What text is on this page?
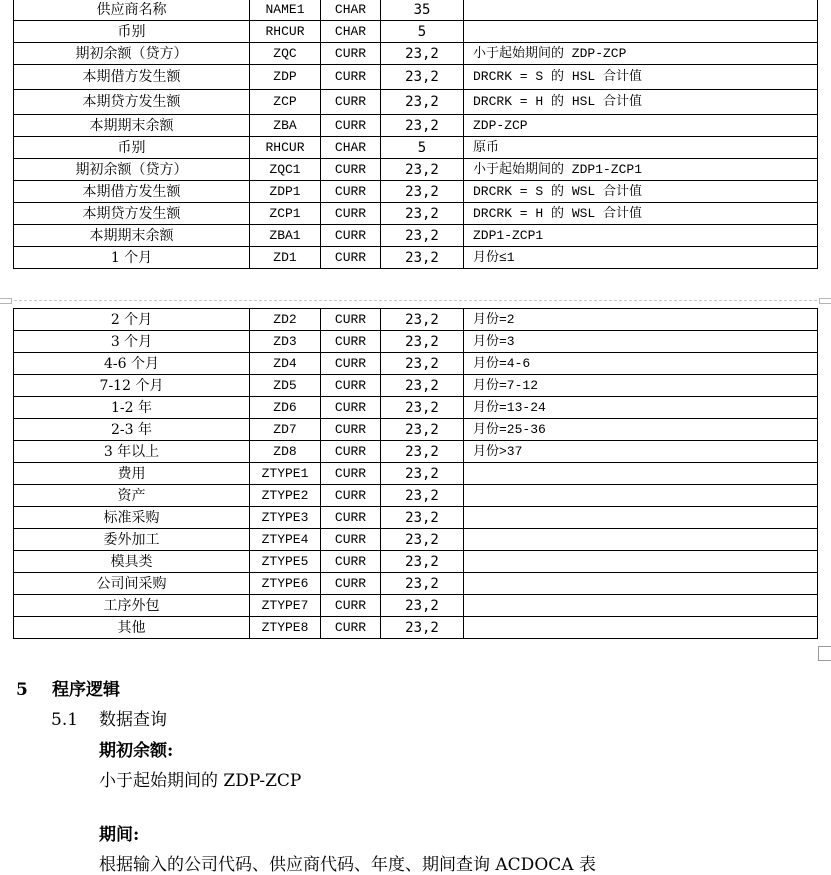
供应商名称	NAME1	CHAR	35	
币别	RHCUR	CHAR	5	
期初余额（贷方）	ZQC	CURR	23,2	小于起始期间的 ZDP-ZCP
本期借方发生额	ZDP	CURR	23,2	DRCRK = S 的 HSL 合计值
本期贷方发生额	ZCP	CURR	23,2	DRCRK = H 的 HSL 合计值
本期期末余额	ZBA	CURR	23,2	ZDP-ZCP
币别	RHCUR	CHAR	5	原币
期初余额（贷方）	ZQC1	CURR	23,2	小于起始期间的 ZDP1-ZCP1
本期借方发生额	ZDP1	CURR	23,2	DRCRK = S 的 WSL 合计值
本期贷方发生额	ZCP1	CURR	23,2	DRCRK = H 的 WSL 合计值
本期期末余额	ZBA1	CURR	23,2	ZDP1-ZCP1
1 个月	ZD1	CURR	23,2	月份≤1
2 个月	ZD2	CURR	23,2	月份=2
3 个月	ZD3	CURR	23,2	月份=3
4-6 个月	ZD4	CURR	23,2	月份=4-6
7-12 个月	ZD5	CURR	23,2	月份=7-12
1-2 年	ZD6	CURR	23,2	月份=13-24
2-3 年	ZD7	CURR	23,2	月份=25-36
3 年以上	ZD8	CURR	23,2	月份>37
费用	ZTYPE1	CURR	23,2	
资产	ZTYPE2	CURR	23,2	
标准采购	ZTYPE3	CURR	23,2	
委外加工	ZTYPE4	CURR	23,2	
模具类	ZTYPE5	CURR	23,2	
公司间采购	ZTYPE6	CURR	23,2	
工序外包	ZTYPE7	CURR	23,2	
其他	ZTYPE8	CURR	23,2	
5 程序逻辑
5.1 数据查询
期初余额:
小于起始期间的 ZDP-ZCP
期间:
根据输入的公司代码、供应商代码、年度、期间查询 ACDOCA 表
